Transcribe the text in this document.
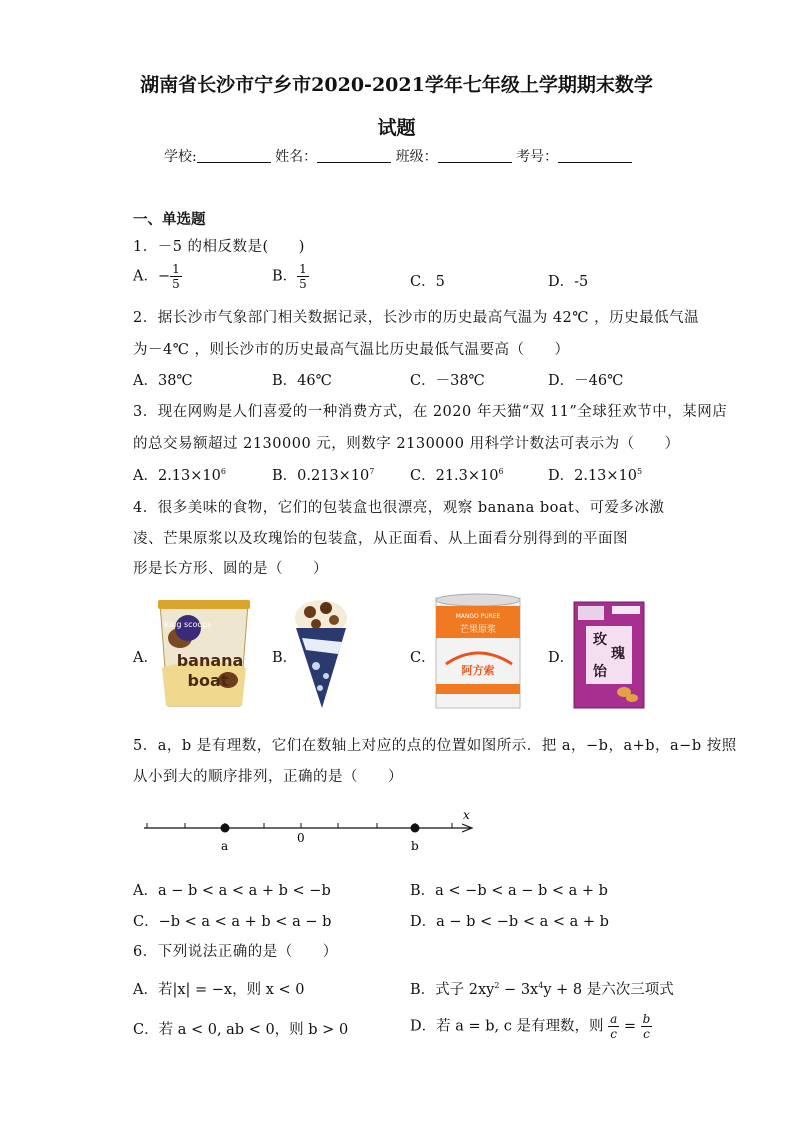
湖南省长沙市宁乡市2020-2021学年七年级上学期期末数学
试题
学校:	姓名：	班级：	考号：
一、单选题
1．－5 的相反数是(　　)
A．− $\frac{1}{5}$	B． $\frac{1}{5}$	C．5	D．-5
2．据长沙市气象部门相关数据记录，长沙市的历史最高气温为 42℃ ，历史最低气温
为－4℃ ，则长沙市的历史最高气温比历史最低气温要高（　　）
A．38℃	B．46℃	C．－38℃	D．－46℃
3．现在网购是人们喜爱的一种消费方式，在 2020 年天猫“双 11”全球狂欢节中，某网店
的总交易额超过 2130000 元，则数字 2130000 用科学计数法可表示为（　　）
A．$2.13\times 10^6$	B．$0.213\times 10^7$ C．$21.3\times 10^6$	D．$2.13\times 10^5$
4．很多美味的食物，它们的包装盒也很漂亮，观察 banana boat、可爱多冰激
凌、芒果原浆以及玫瑰饴的包装盒，从正面看、从上面看分别得到的平面图
形是长方形、圆的是（　　）
A．	B．	C．	D．
king scoops
banana
boat
MANGO PUREE
芒果原浆
阿方索
玫
瑰
饴
5．a，b 是有理数，它们在数轴上对应的点的位置如图所示．把 a，−b，a+b，a−b 按照
从小到大的顺序排列，正确的是（　　）
x
a
0
b
A．a − b < a < a + b < −b	B．a < −b < a − b < a + b
C．−b < a < a + b < a − b	D．a − b < −b < a < a + b
6．下列说法正确的是（　　）
A．若|x| = −x，则 x < 0	B．式子 $2xy^2 - 3x^4y + 8$ 是六次三项式
C．若 a < 0, ab < 0，则 b > 0	D．若 a = b, c 是有理数，则 $\frac{a}{c} = \frac{b}{c}$
